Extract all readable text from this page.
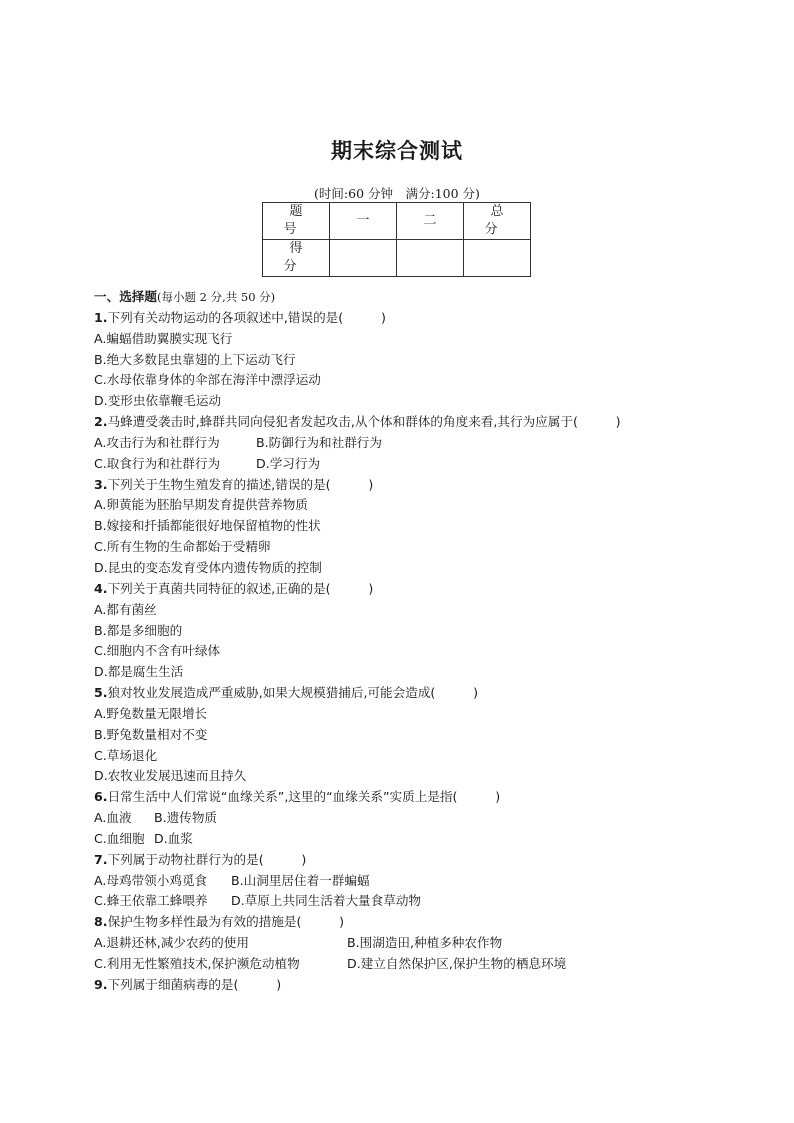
期末综合测试
(时间:60 分钟　满分:100 分)
题　号	一	二	总　分
得　分			
一、选择题(每小题 2 分,共 50 分)
1.下列有关动物运动的各项叙述中,错误的是(　　　)
A.蝙蝠借助翼膜实现飞行
B.绝大多数昆虫靠翅的上下运动飞行
C.水母依靠身体的伞部在海洋中漂浮运动
D.变形虫依靠鞭毛运动
2.马蜂遭受袭击时,蜂群共同向侵犯者发起攻击,从个体和群体的角度来看,其行为应属于(　　　)
A.攻击行为和社群行为	B.防御行为和社群行为
C.取食行为和社群行为	D.学习行为
3.下列关于生物生殖发育的描述,错误的是(　　　)
A.卵黄能为胚胎早期发育提供营养物质
B.嫁接和扦插都能很好地保留植物的性状
C.所有生物的生命都始于受精卵
D.昆虫的变态发育受体内遗传物质的控制
4.下列关于真菌共同特征的叙述,正确的是(　　　)
A.都有菌丝
B.都是多细胞的
C.细胞内不含有叶绿体
D.都是腐生生活
5.狼对牧业发展造成严重威胁,如果大规模猎捕后,可能会造成(　　　)
A.野兔数量无限增长
B.野兔数量相对不变
C.草场退化
D.农牧业发展迅速而且持久
6.日常生活中人们常说“血缘关系”,这里的“血缘关系”实质上是指(　　　)
A.血液 B.遗传物质
C.血细胞 D.血浆
7.下列属于动物社群行为的是(　　　)
A.母鸡带领小鸡觅食 B.山洞里居住着一群蝙蝠
C.蜂王依靠工蜂喂养 D.草原上共同生活着大量食草动物
8.保护生物多样性最为有效的措施是(　　　)
A.退耕还林,减少农药的使用	B.围湖造田,种植多种农作物
C.利用无性繁殖技术,保护濒危动植物	D.建立自然保护区,保护生物的栖息环境
9.下列属于细菌病毒的是(　　　)
